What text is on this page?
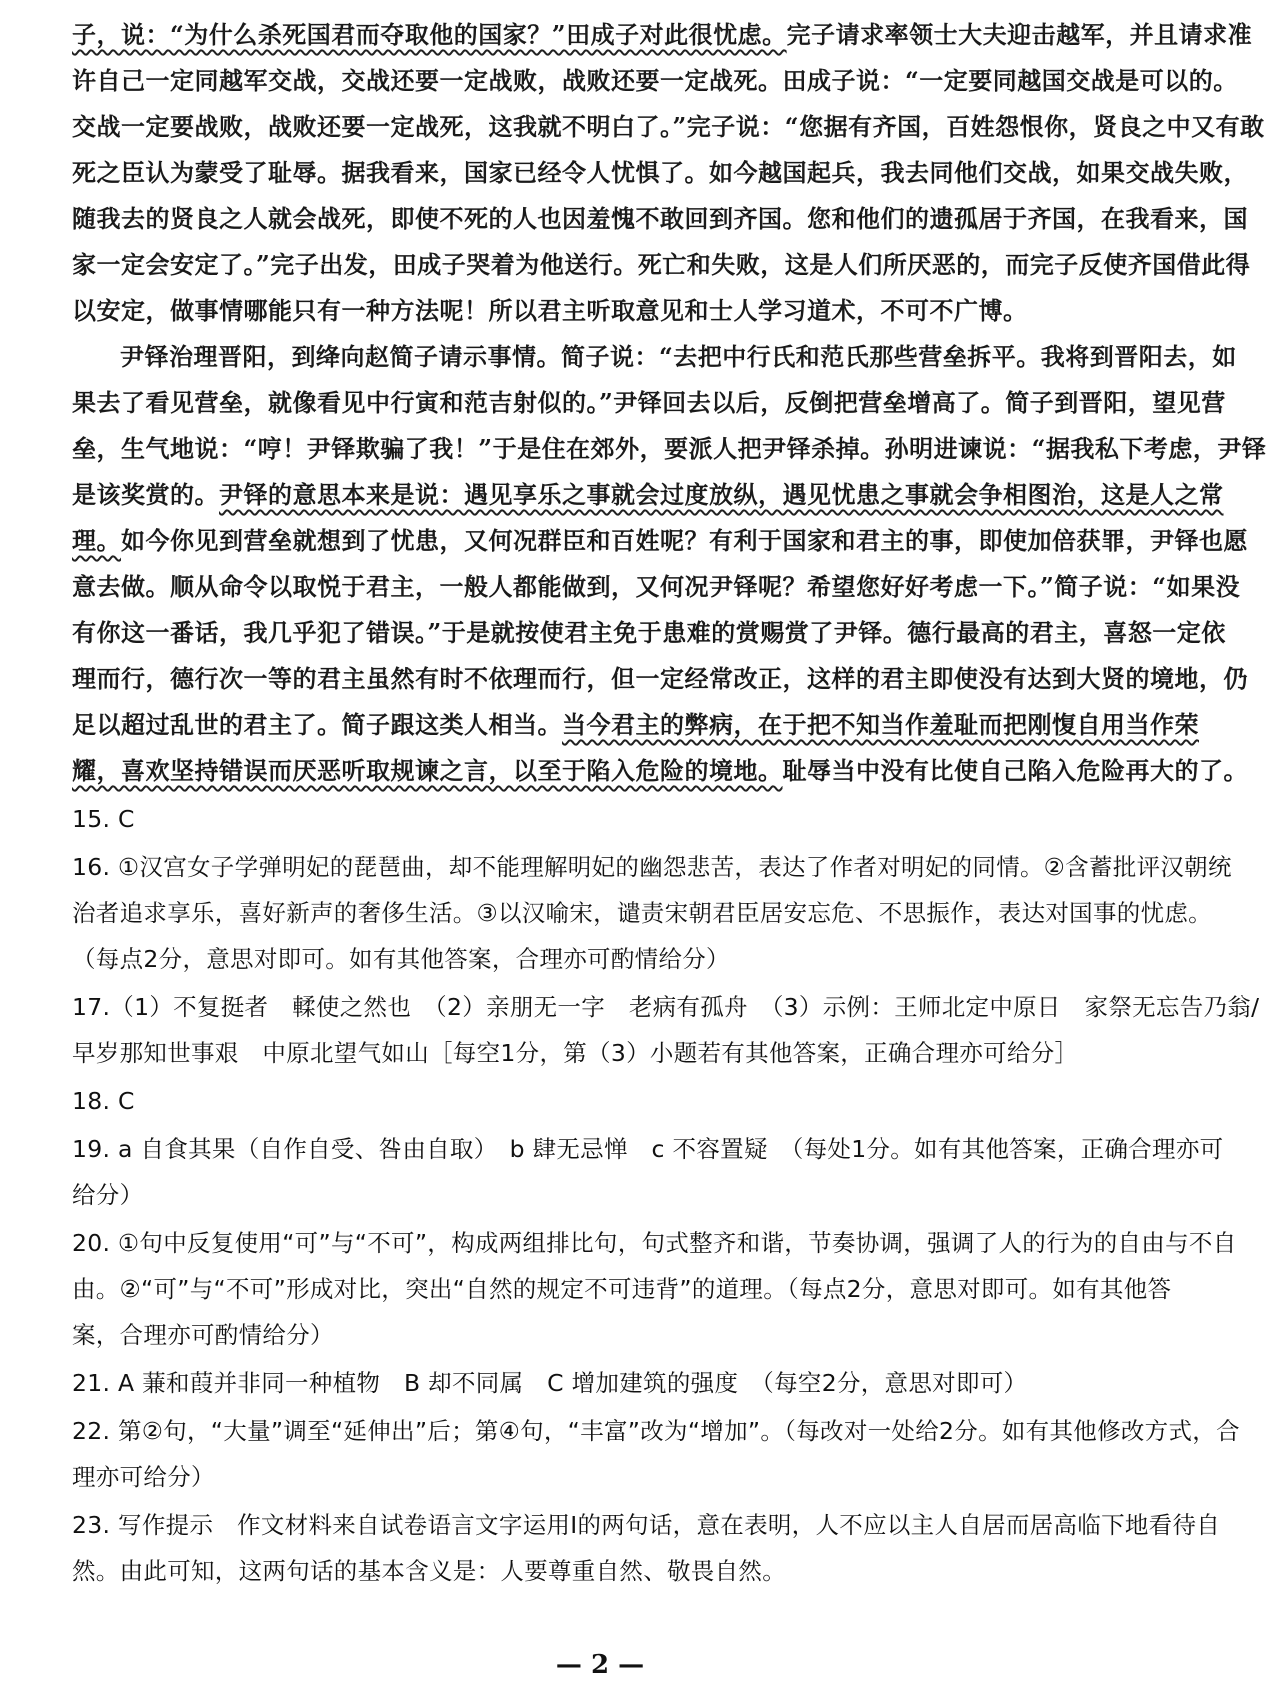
子，说：“为什么杀死国君而夺取他的国家？”田成子对此很忧虑。完子请求率领士大夫迎击越军，并且请求准
许自己一定同越军交战，交战还要一定战败，战败还要一定战死。田成子说：“一定要同越国交战是可以的。
交战一定要战败，战败还要一定战死，这我就不明白了。”完子说：“您据有齐国，百姓怨恨你，贤良之中又有敢
死之臣认为蒙受了耻辱。据我看来，国家已经令人忧惧了。如今越国起兵，我去同他们交战，如果交战失败，
随我去的贤良之人就会战死，即使不死的人也因羞愧不敢回到齐国。您和他们的遗孤居于齐国，在我看来，国
家一定会安定了。”完子出发，田成子哭着为他送行。死亡和失败，这是人们所厌恶的，而完子反使齐国借此得
以安定，做事情哪能只有一种方法呢！所以君主听取意见和士人学习道术，不可不广博。
尹铎治理晋阳，到绛向赵简子请示事情。简子说：“去把中行氏和范氏那些营垒拆平。我将到晋阳去，如
果去了看见营垒，就像看见中行寅和范吉射似的。”尹铎回去以后，反倒把营垒增高了。简子到晋阳，望见营
垒，生气地说：“哼！尹铎欺骗了我！”于是住在郊外，要派人把尹铎杀掉。孙明进谏说：“据我私下考虑，尹铎
是该奖赏的。尹铎的意思本来是说：遇见享乐之事就会过度放纵，遇见忧患之事就会争相图治，这是人之常
理。如今你见到营垒就想到了忧患，又何况群臣和百姓呢？有利于国家和君主的事，即使加倍获罪，尹铎也愿
意去做。顺从命令以取悦于君主，一般人都能做到，又何况尹铎呢？希望您好好考虑一下。”简子说：“如果没
有你这一番话，我几乎犯了错误。”于是就按使君主免于患难的赏赐赏了尹铎。德行最高的君主，喜怒一定依
理而行，德行次一等的君主虽然有时不依理而行，但一定经常改正，这样的君主即使没有达到大贤的境地，仍
足以超过乱世的君主了。简子跟这类人相当。当今君主的弊病，在于把不知当作羞耻而把刚愎自用当作荣
耀，喜欢坚持错误而厌恶听取规谏之言，以至于陷入危险的境地。耻辱当中没有比使自己陷入危险再大的了。
15. C
16. ①汉宫女子学弹明妃的琵琶曲，却不能理解明妃的幽怨悲苦，表达了作者对明妃的同情。②含蓄批评汉朝统
治者追求享乐，喜好新声的奢侈生活。③以汉喻宋，谴责宋朝君臣居安忘危、不思振作，表达对国事的忧虑。
（每点2分，意思对即可。如有其他答案，合理亦可酌情给分）
17.（1）不复挺者　輮使之然也　（2）亲朋无一字　老病有孤舟　（3）示例：王师北定中原日　家祭无忘告乃翁/
早岁那知世事艰　中原北望气如山［每空1分，第（3）小题若有其他答案，正确合理亦可给分］
18. C
19. a 自食其果（自作自受、咎由自取）　b 肆无忌惮　c 不容置疑　（每处1分。如有其他答案，正确合理亦可
给分）
20. ①句中反复使用“可”与“不可”，构成两组排比句，句式整齐和谐，节奏协调，强调了人的行为的自由与不自
由。②“可”与“不可”形成对比，突出“自然的规定不可违背”的道理。（每点2分，意思对即可。如有其他答
案，合理亦可酌情给分）
21. A 蒹和葭并非同一种植物　B 却不同属　C 增加建筑的强度　（每空2分，意思对即可）
22. 第②句，“大量”调至“延伸出”后；第④句，“丰富”改为“增加”。（每改对一处给2分。如有其他修改方式，合
理亦可给分）
23. 写作提示　作文材料来自试卷语言文字运用Ⅰ的两句话，意在表明，人不应以主人自居而居高临下地看待自
然。由此可知，这两句话的基本含义是：人要尊重自然、敬畏自然。
— 2 —
